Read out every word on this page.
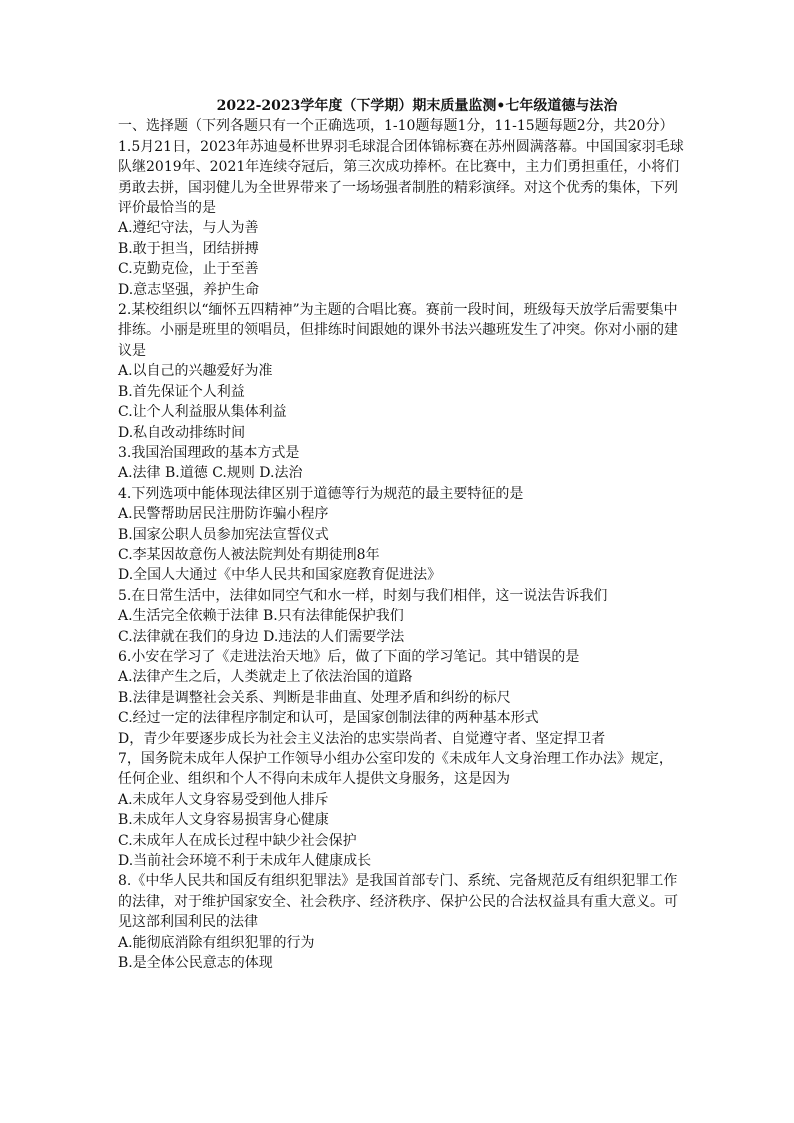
2022-2023学年度（下学期）期末质量监测•七年级道德与法治

一、选择题（下列各题只有一个正确选项，1-10题每题1分，11-15题每题2分，共20分）

1.5月21日，2023年苏迪曼杯世界羽毛球混合团体锦标赛在苏州圆满落幕。中国国家羽毛球队继2019年、2021年连续夺冠后，第三次成功捧杯。在比赛中，主力们勇担重任，小将们勇敢去拼，国羽健儿为全世界带来了一场场强者制胜的精彩演绎。对这个优秀的集体，下列评价最恰当的是
A.遵纪守法，与人为善
B.敢于担当，团结拼搏
C.克勤克俭，止于至善
D.意志坚强，养护生命
2.某校组织以“缅怀五四精神”为主题的合唱比赛。赛前一段时间，班级每天放学后需要集中排练。小丽是班里的领唱员，但排练时间跟她的课外书法兴趣班发生了冲突。你对小丽的建议是
A.以自己的兴趣爱好为准
B.首先保证个人利益
C.让个人利益服从集体利益
D.私自改动排练时间
3.我国治国理政的基本方式是
A.法律 B.道德 C.规则 D.法治
4.下列选项中能体现法律区别于道德等行为规范的最主要特征的是
A.民警帮助居民注册防诈骗小程序
B.国家公职人员参加宪法宣誓仪式
C.李某因故意伤人被法院判处有期徒刑8年
D.全国人大通过《中华人民共和国家庭教育促进法》
5.在日常生活中，法律如同空气和水一样，时刻与我们相伴，这一说法告诉我们
A.生活完全依赖于法律 B.只有法律能保护我们
C.法律就在我们的身边 D.违法的人们需要学法
6.小安在学习了《走进法治天地》后，做了下面的学习笔记。其中错误的是
A.法律产生之后，人类就走上了依法治国的道路
B.法律是调整社会关系、判断是非曲直、处理矛盾和纠纷的标尺
C.经过一定的法律程序制定和认可，是国家创制法律的两种基本形式
D，青少年要逐步成长为社会主义法治的忠实崇尚者、自觉遵守者、坚定捍卫者
7，国务院未成年人保护工作领导小组办公室印发的《未成年人文身治理工作办法》规定，任何企业、组织和个人不得向未成年人提供文身服务，这是因为
A.未成年人文身容易受到他人排斥
B.未成年人文身容易损害身心健康
C.未成年人在成长过程中缺少社会保护
D.当前社会环境不利于未成年人健康成长
8.《中华人民共和国反有组织犯罪法》是我国首部专门、系统、完备规范反有组织犯罪工作的法律，对于维护国家安全、社会秩序、经济秩序、保护公民的合法权益具有重大意义。可见这部利国利民的法律
A.能彻底消除有组织犯罪的行为
B.是全体公民意志的体现
